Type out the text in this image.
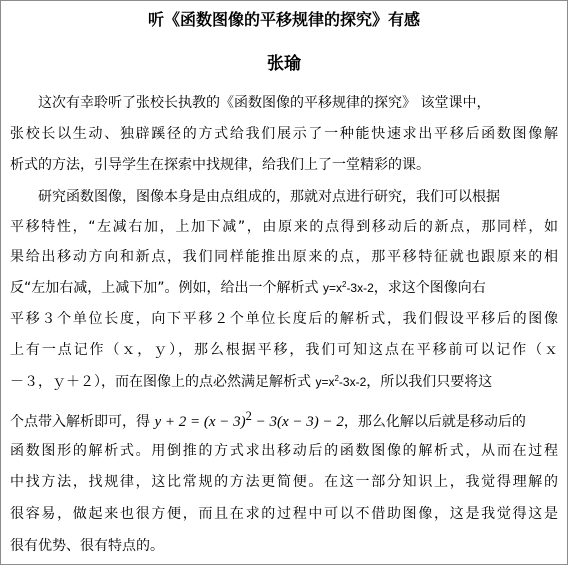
听《函数图像的平移规律的探究》有感
张瑜
这次有幸聆听了张校长执教的《函数图像的平移规律的探究》 该堂课中，
张校长以生动、独辟蹊径的方式给我们展示了一种能快速求出平移后函数图像解
析式的方法，引导学生在探索中找规律，给我们上了一堂精彩的课。
研究函数图像，图像本身是由点组成的，那就对点进行研究，我们可以根据
平移特性，“左减右加，上加下减”，由原来的点得到移动后的新点，那同样，如
果给出移动方向和新点，我们同样能推出原来的点，那平移特征就也跟原来的相
反“左加右减，上减下加”。例如，给出一个解析式 $y=x^2-3x-2$，求这个图像向右
平移３个单位长度，向下平移２个单位长度后的解析式，我们假设平移后的图像
上有一点记作（ｘ，ｙ），那么根据平移，我们可知这点在平移前可以记作（ｘ
－３，ｙ＋２），而在图像上的点必然满足解析式 $y=x^2-3x-2$，所以我们只要将这
个点带入解析即可，得 $y + 2 = (x - 3)^2 - 3(x - 3) - 2$，那么化解以后就是移动后的
函数图形的解析式。用倒推的方式求出移动后的函数图像的解析式，从而在过程
中找方法，找规律，这比常规的方法更简便。在这一部分知识上，我觉得理解的
很容易，做起来也很方便，而且在求的过程中可以不借助图像，这是我觉得这是
很有优势、很有特点的。
